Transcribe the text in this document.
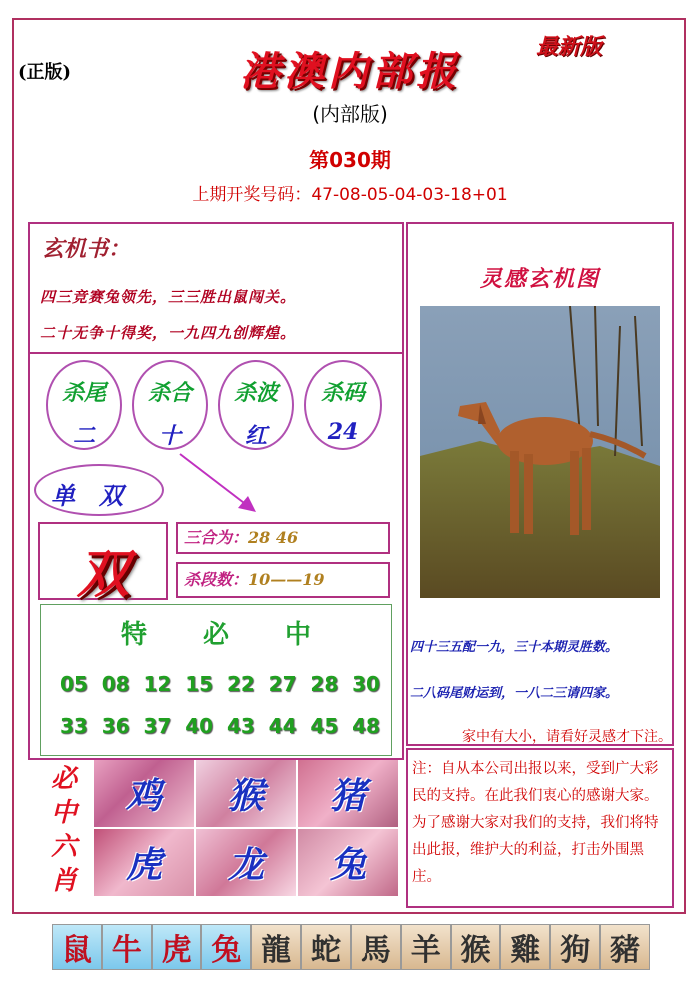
(正版)
最新版
港澳内部报
(内部版)
第030期
上期开奖号码：47-08-05-04-03-18+01
玄机书：
四三竞赛兔领先，三三胜出鼠闯关。
二十无争十得奖，一九四九创辉煌。
杀尾
二
杀合
十
杀波
红
杀码
24
单双
双
三合为：28 46
杀段数：10——19
特必中
05 08 12 15 22 27 28 30
33 36 37 40 43 44 45 48
必
中
六
肖
鸡	猴	猪
虎	龙	兔
灵感玄机图
四十三五配一九，三十本期灵胜数。
二八码尾财运到，一八二三请四家。
家中有大小，请看好灵感才下注。
注：自从本公司出报以来，受到广大彩民的支持。在此我们衷心的感谢大家。为了感谢大家对我们的支持，我们将特出此报，维护大的利益，打击外围黑庄。
鼠 牛 虎 兔 龍 蛇 馬 羊 猴 雞 狗 豬
